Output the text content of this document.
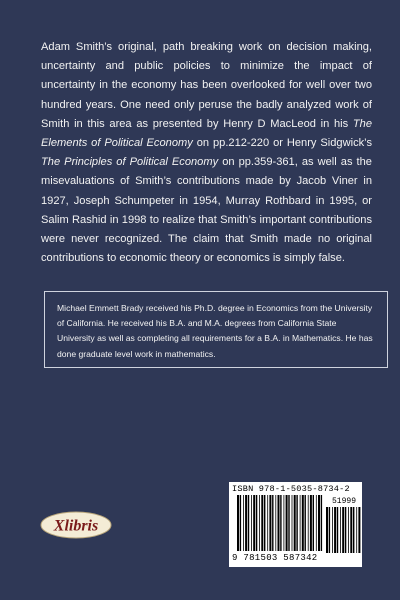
Adam Smith’s original, path breaking work on decision making, uncertainty and public policies to minimize the impact of uncertainty in the economy has been overlooked for well over two hundred years. One need only peruse the badly analyzed work of Smith in this area as presented by Henry D MacLeod in his The Elements of Political Economy on pp.212-220 or Henry Sidgwick’s The Principles of Political Economy on pp.359-361, as well as the misevaluations of Smith’s contributions made by Jacob Viner in 1927, Joseph Schumpeter in 1954, Murray Rothbard in 1995, or Salim Rashid in 1998 to realize that Smith’s important contributions were never recognized. The claim that Smith made no original contributions to economic theory or economics is simply false.

Michael Emmett Brady received his Ph.D. degree in Economics from the University of California. He received his B.A. and M.A. degrees from California State University as well as completing all requirements for a B.A. in Mathematics. He has done graduate level work in mathematics.

Xlibris
ISBN 978-1-5035-8734-2
51999
9 781503 587342
